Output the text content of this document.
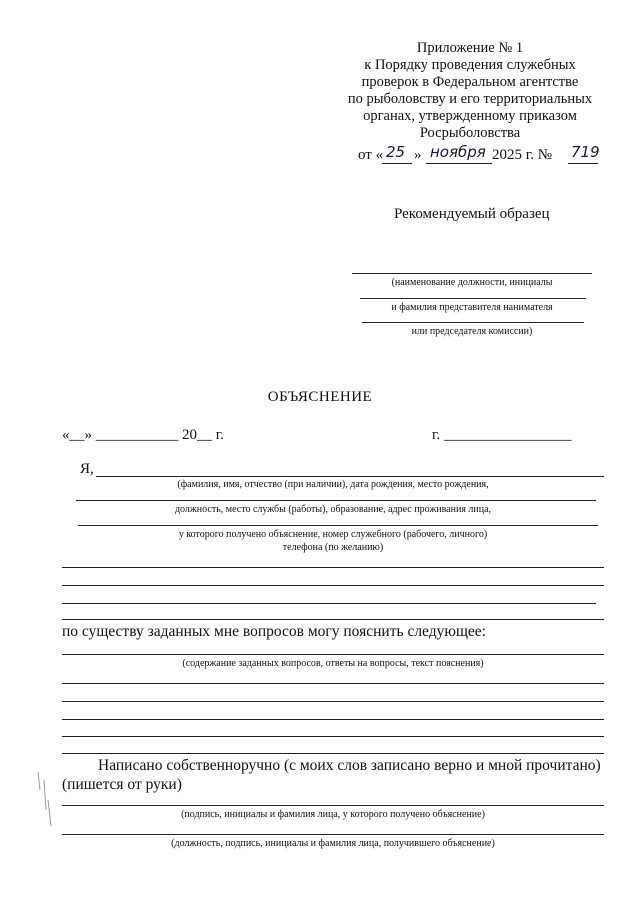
Приложение № 1
к Порядку проведения служебных
проверок в Федеральном агентстве
по рыболовству и его территориальных
органах, утвержденному приказом
Росрыболовства
от « 25 » ноября 2025 г. № 719
Рекомендуемый образец
(наименование должности, инициалы
и фамилия представителя нанимателя
или председателя комиссии)
ОБЪЯСНЕНИЕ
«__» ___________ 20__ г.	г. _________________
Я,
(фамилия, имя, отчество (при наличии), дата рождения, место рождения,
должность, место службы (работы), образование, адрес проживания лица,
у которого получено объяснение, номер служебного (рабочего, личного)
телефона (по желанию)
по существу заданных мне вопросов могу пояснить следующее:
(содержание заданных вопросов, ответы на вопросы, текст пояснения)
Написано собственноручно (с моих слов записано верно и мной прочитано)
(пишется от руки)
(подпись, инициалы и фамилия лица, у которого получено объяснение)
(должность, подпись, инициалы и фамилия лица, получившего объяснение)
